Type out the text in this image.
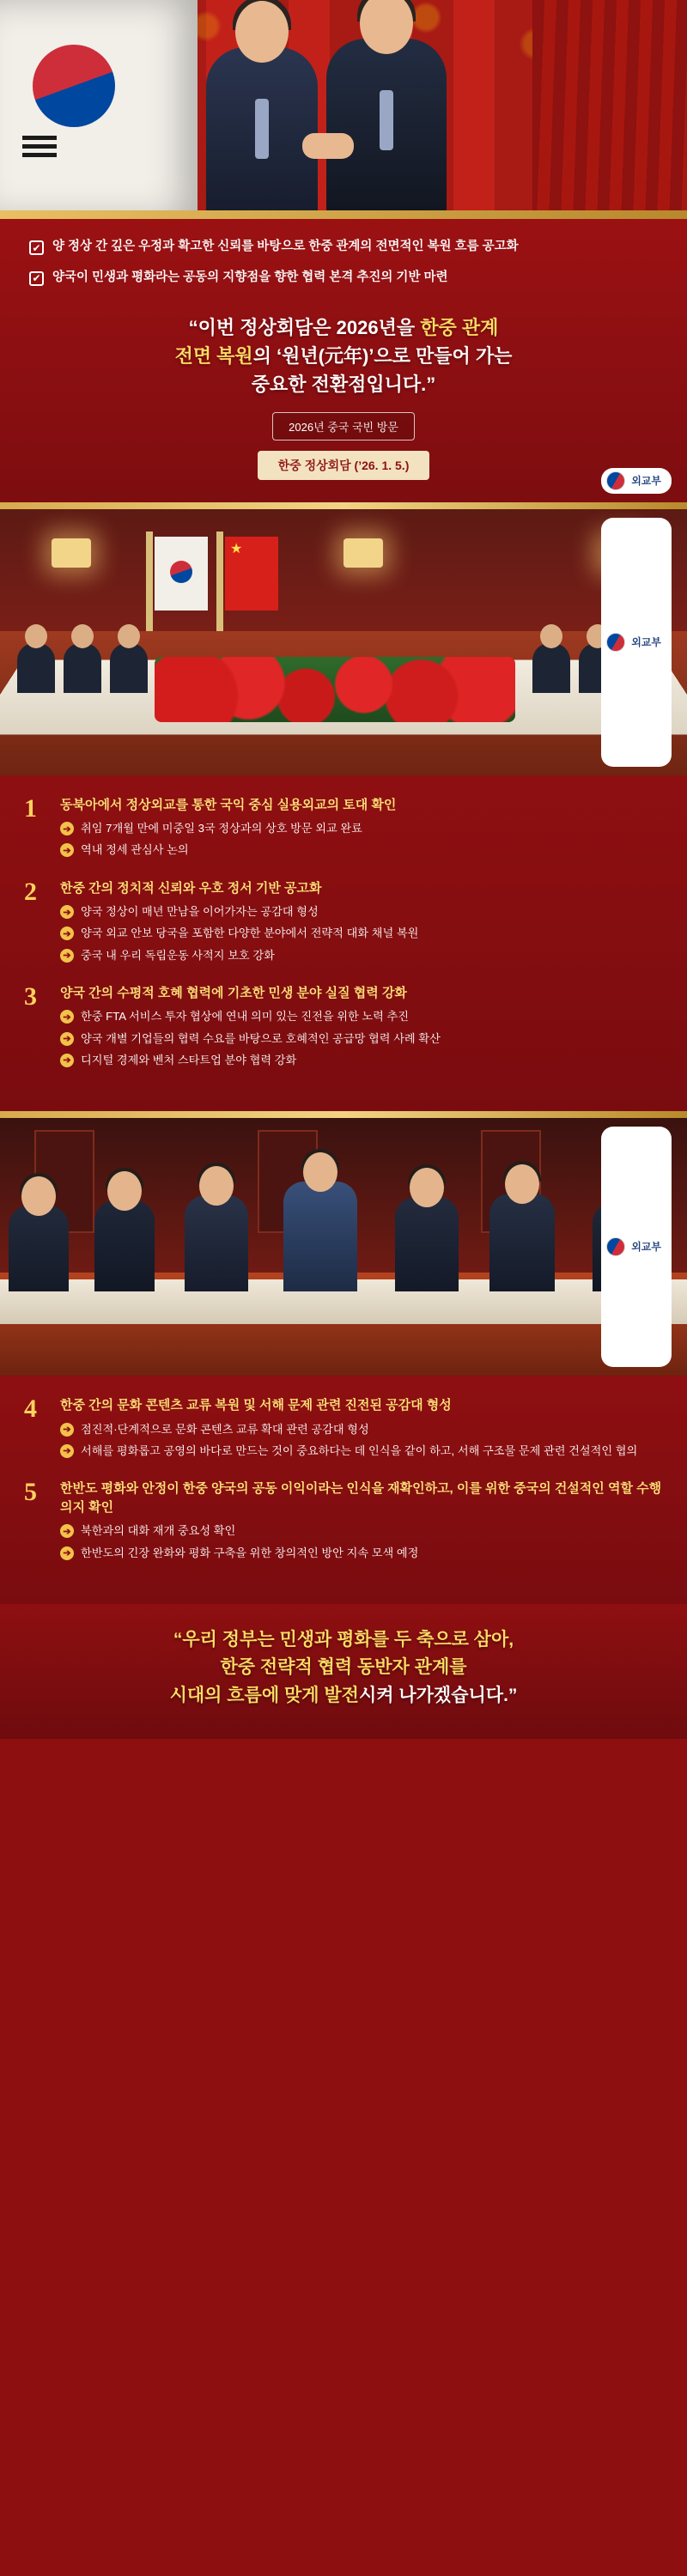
✔ 양 정상 간 깊은 우정과 확고한 신뢰를 바탕으로 한중 관계의 전면적인 복원 흐름 공고화
✔ 양국이 민생과 평화라는 공동의 지향점을 향한 협력 본격 추진의 기반 마련
“이번 정상회담은 2026년을 한중 관계
전면 복원의 ‘원년(元年)’으로 만들어 가는
중요한 전환점입니다.”
2026년 중국 국빈 방문
한중 정상회담 (’26. 1. 5.)
외교부
★
외교부
1	동북아에서 정상외교를 통한 국익 중심 실용외교의 토대 확인
➔ 취임 7개월 만에 미중일 3국 정상과의 상호 방문 외교 완료
➔ 역내 정세 관심사 논의
2	한중 간의 정치적 신뢰와 우호 정서 기반 공고화
➔ 양국 정상이 매년 만남을 이어가자는 공감대 형성
➔ 양국 외교 안보 당국을 포함한 다양한 분야에서 전략적 대화 채널 복원
➔ 중국 내 우리 독립운동 사적지 보호 강화
3	양국 간의 수평적 호혜 협력에 기초한 민생 분야 실질 협력 강화
➔ 한중 FTA 서비스 투자 협상에 연내 의미 있는 진전을 위한 노력 추진
➔ 양국 개별 기업들의 협력 수요를 바탕으로 호혜적인 공급망 협력 사례 확산
➔ 디지털 경제와 벤처 스타트업 분야 협력 강화
외교부
4	한중 간의 문화 콘텐츠 교류 복원 및 서해 문제 관련 진전된 공감대 형성
➔ 점진적·단계적으로 문화 콘텐츠 교류 확대 관련 공감대 형성
➔ 서해를 평화롭고 공영의 바다로 만드는 것이 중요하다는 데 인식을 같이 하고, 서해 구조물 문제 관련 건설적인 협의
5	한반도 평화와 안정이 한중 양국의 공동 이익이라는 인식을 재확인하고, 이를 위한 중국의 건설적인 역할 수행 의지 확인
➔ 북한과의 대화 재개 중요성 확인
➔ 한반도의 긴장 완화와 평화 구축을 위한 창의적인 방안 지속 모색 예정
“우리 정부는 민생과 평화를 두 축으로 삼아,
한중 전략적 협력 동반자 관계를
시대의 흐름에 맞게 발전시켜 나가겠습니다.”
